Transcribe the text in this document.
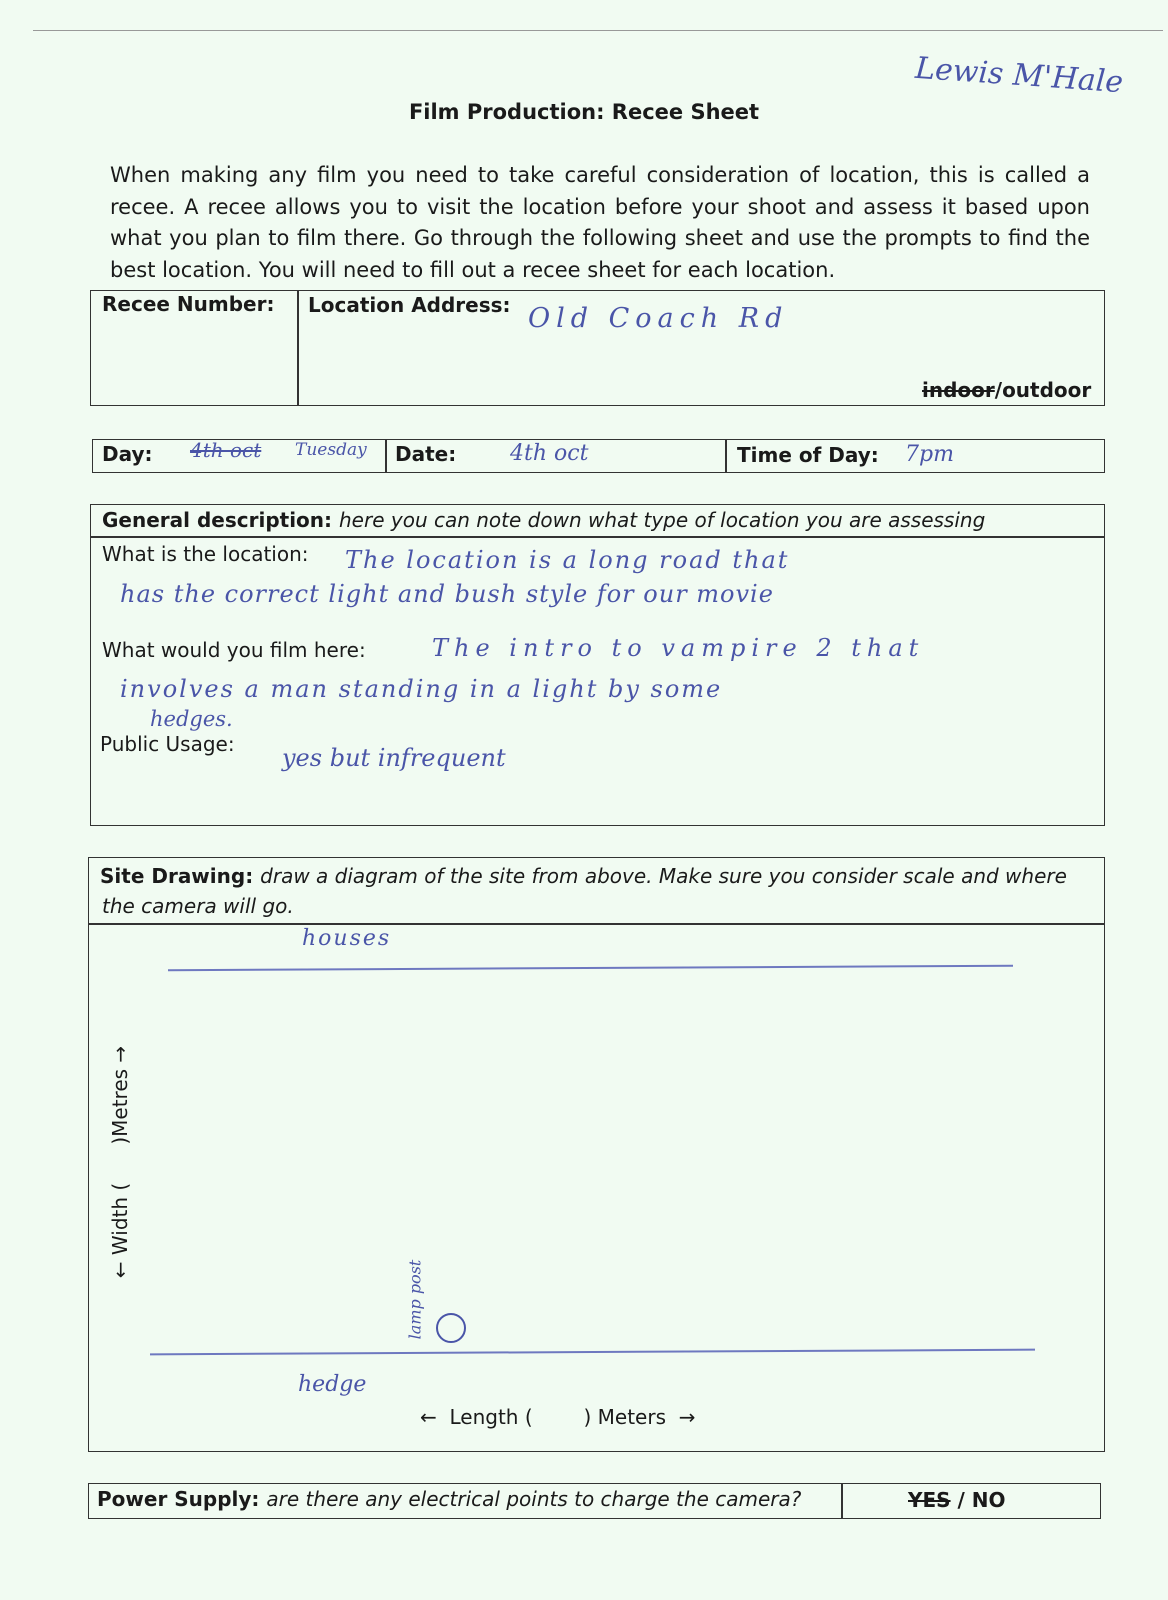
Lewis M'Hale
Film Production: Recee Sheet
When making any film you need to take careful consideration of location, this is called a recee. A recee allows you to visit the location before your shoot and assess it based upon what you plan to film there. Go through the following sheet and use the prompts to find the best location. You will need to fill out a recee sheet for each location.
Recee Number: Location Address: Old Coach Rd
indoor/outdoor
Day: 4th oct Tuesday Date: 4th oct	Time of Day: 7pm
General description: here you can note down what type of location you are assessing
What is the location: The location is a long road that
has the correct light and bush style for our movie
What would you film here:	The intro to vampire 2 that
involves a man standing in a light by some
hedges.
Public Usage: yes but infrequent
Site Drawing: draw a diagram of the site from above. Make sure you consider scale and where
the camera will go.
houses
← Width (      )Metres →
lamp post
hedge
←  Length (        ) Meters  →
Power Supply: are there any electrical points to charge the camera?	YES / NO
